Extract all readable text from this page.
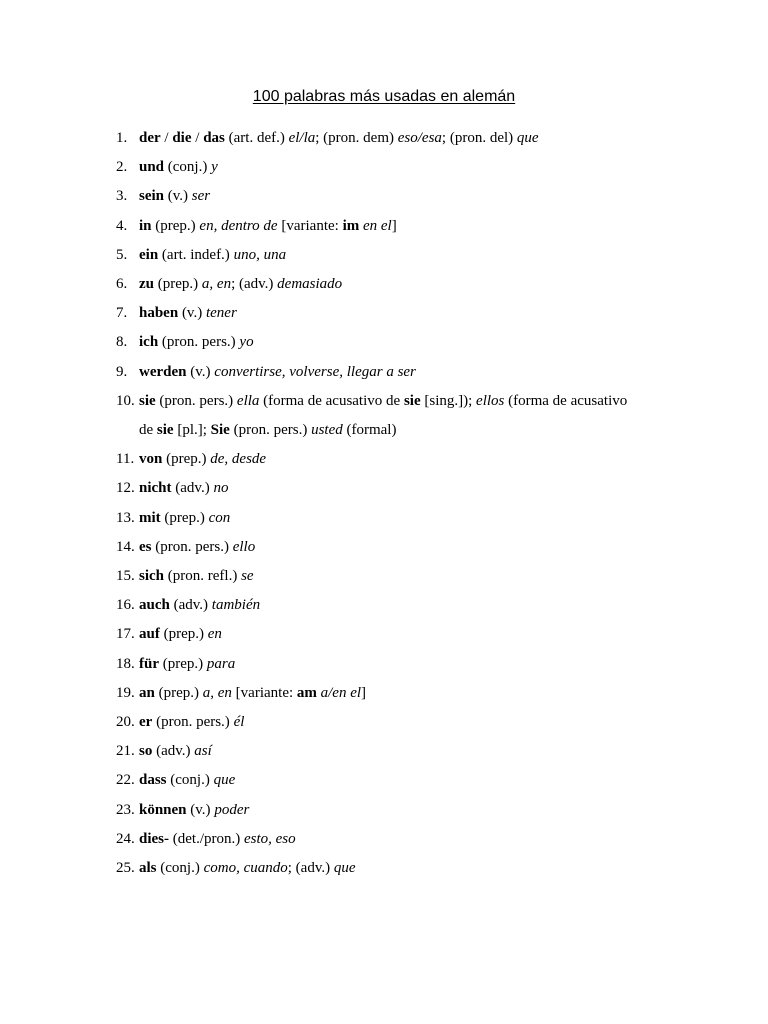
100 palabras más usadas en alemán
1. der / die / das (art. def.) el/la; (pron. dem) eso/esa; (pron. del) que
2. und (conj.) y
3. sein (v.) ser
4. in (prep.) en, dentro de [variante: im en el]
5. ein (art. indef.) uno, una
6. zu (prep.) a, en; (adv.) demasiado
7. haben (v.) tener
8. ich (pron. pers.) yo
9. werden (v.) convertirse, volverse, llegar a ser
10. sie (pron. pers.) ella (forma de acusativo de sie [sing.]); ellos (forma de acusativo de sie [pl.]; Sie (pron. pers.) usted (formal)
11. von (prep.) de, desde
12. nicht (adv.) no
13. mit (prep.) con
14. es (pron. pers.) ello
15. sich (pron. refl.) se
16. auch (adv.) también
17. auf (prep.) en
18. für (prep.) para
19. an (prep.) a, en [variante: am a/en el]
20. er (pron. pers.) él
21. so (adv.) así
22. dass (conj.) que
23. können (v.) poder
24. dies- (det./pron.) esto, eso
25. als (conj.) como, cuando; (adv.) que
